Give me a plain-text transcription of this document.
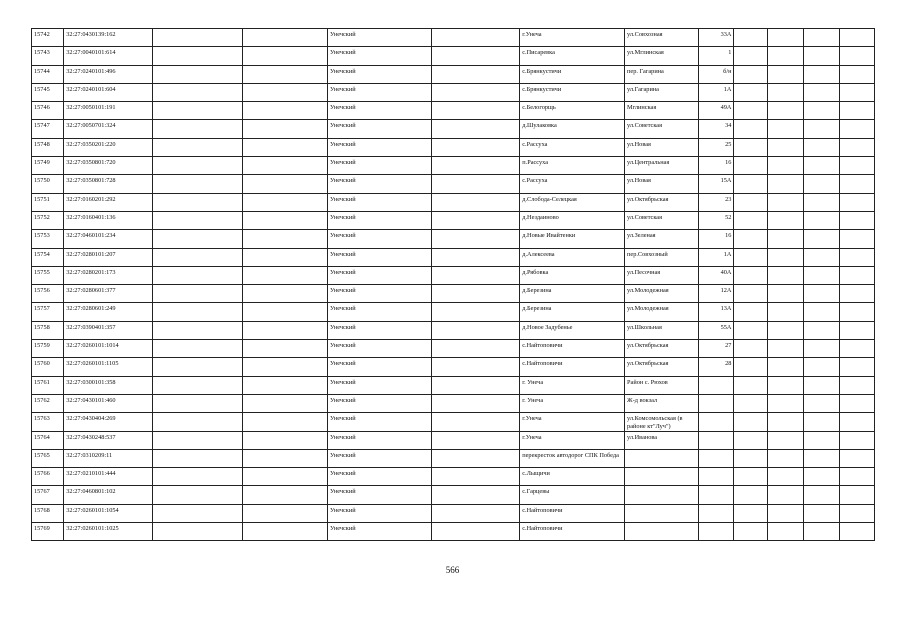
15742	32:27:0430139:162			Унечский		г.Унеча	ул.Совхозная	33А				
15743	32:27:0040101:614			Унечский		с.Писаревка	ул.Мглинская	1				
15744	32:27:0240101:496			Унечский		с.Брянкустичи	пер. Гагарина	б/н				
15745	32:27:0240101:604			Унечский		с.Брянкустичи	ул.Гагарина	1А				
15746	32:27:0050101:191			Унечский		с.Белогорщь	Мглинская	49А				
15747	32:27:0050701:324			Унечский		д.Шулаковка	ул.Советская	34				
15748	32:27:0350201:220			Унечский		с.Рассуха	ул.Новая	25				
15749	32:27:0350801:720			Унечский		п.Рассуха	ул.Центральная	16				
15750	32:27:0350801:728			Унечский		с.Рассуха	ул.Новая	15А				
15751	32:27:0160201:292			Унечский		д.Слобода-Селецкая	ул.Октябрьская	23				
15752	32:27:0160401:136			Унечский		д.Нездаиново	ул.Советская	52				
15753	32:27:0460101:234			Унечский		д.Новые Ивайтенки	ул.Зеленая	16				
15754	32:27:0280101:207			Унечский		д.Алексеева	пер.Совхозный	1А				
15755	32:27:0280201:173			Унечский		д.Рябовка	ул.Песочная	40А				
15756	32:27:0280601:377			Унечский		д.Березина	ул.Молодежная	12А				
15757	32:27:0280601:249			Унечский		д.Березина	ул.Молодежная	13А				
15758	32:27:0390401:357			Унечский		д.Новое Задубенье	ул.Школьная	55А				
15759	32:27:0260101:1014			Унечский		с.Найтоповичи	ул.Октябрьская	27				
15760	32:27:0260101:1105			Унечский		с.Найтоповичи	ул.Октябрьская	28				
15761	32:27:0300101:358			Унечский		г. Унеча	Район с. Рюхов					
15762	32:27:0430101:460			Унечский		г. Унеча	Ж-д вокзал					
15763	32:27:0430404:269			Унечский		г.Унеча	ул.Комсомольская (в районе кт"Луч")					
15764	32:27:0430248:537			Унечский		г.Унеча	ул.Иванова					
15765	32:27:0310209:11			Унечский		перекресток автодорог СПК Победа						
15766	32:27:0210101:444			Унечский		с.Лыщичи						
15767	32:27:0460801:102			Унечский		с.Гарцевы						
15768	32:27:0260101:1054			Унечский		с.Найтоповичи						
15769	32:27:0260101:1025			Унечский		с.Найтоповичи						
566
